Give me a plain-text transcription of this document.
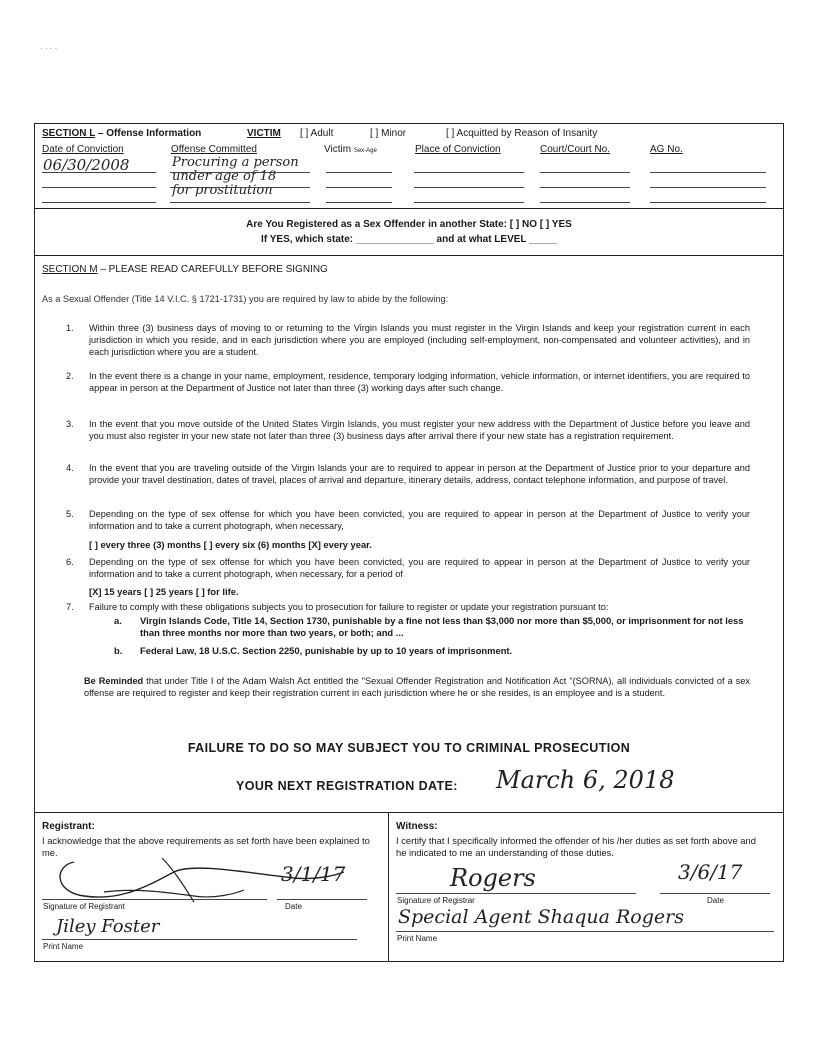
- - - -
SECTION L – Offense Information	VICTIM [ ] Adult	[ ] Minor	[ ] Acquitted by Reason of Insanity
Date of Conviction	Offense Committed	Victim Sex-Age	Place of Conviction	Court/Court No.	AG No.
06/30/2008	Procuring a person
under age of 18
for prostitution
Are You Registered as a Sex Offender in another State: [ ] NO [ ] YES
If YES, which state: ______________ and at what LEVEL _____
SECTION M – PLEASE READ CAREFULLY BEFORE SIGNING
As a Sexual Offender (Title 14 V.I.C. § 1721-1731) you are required by law to abide by the following:
1. Within three (3) business days of moving to or returning to the Virgin Islands you must register in the Virgin Islands and keep your registration current in each jurisdiction in which you reside, and in each jurisdiction where you are employed (including self-employment, non-compensated and volunteer activities), and in each jurisdiction where you are a student.
2. In the event there is a change in your name, employment, residence, temporary lodging information, vehicle information, or internet identifiers, you are required to appear in person at the Department of Justice not later than three (3) working days after such change.
3. In the event that you move outside of the United States Virgin Islands, you must register your new address with the Department of Justice before you leave and you must also register in your new state not later than three (3) business days after arrival there if your new state has a registration requirement.
4. In the event that you are traveling outside of the Virgin Islands your are to required to appear in person at the Department of Justice prior to your departure and provide your travel destination, dates of travel, places of arrival and departure, itinerary details, address, contact telephone information, and purpose of travel.
5. Depending on the type of sex offense for which you have been convicted, you are required to appear in person at the Department of Justice to verify your information and to take a current photograph, when necessary,
[ ] every three (3) months [ ] every six (6) months [X] every year.
6. Depending on the type of sex offense for which you have been convicted, you are required to appear in person at the Department of Justice to verify your information and to take a current photograph, when necessary, for a period of
[X] 15 years [ ] 25 years [ ] for life.
7. Failure to comply with these obligations subjects you to prosecution for failure to register or update your registration pursuant to:
a. Virgin Islands Code, Title 14, Section 1730, punishable by a fine not less than $3,000 nor more than $5,000, or imprisonment for not less than three months nor more than two years, or both; and ...
b. Federal Law, 18 U.S.C. Section 2250, punishable by up to 10 years of imprisonment.
Be Reminded that under Title I of the Adam Walsh Act entitled the "Sexual Offender Registration and Notification Act "(SORNA), all individuals convicted of a sex offense are required to register and keep their registration current in each jurisdiction where he or she resides, is an employee and is a student.
FAILURE TO DO SO MAY SUBJECT YOU TO CRIMINAL PROSECUTION
YOUR NEXT REGISTRATION DATE: March 6, 2018
Registrant:
I acknowledge that the above requirements as set forth have been explained to me.
3/1/17
Signature of Registrant	Date
Jiley Foster
Print Name
Witness:
I certify that I specifically informed the offender of his /her duties as set forth above and he indicated to me an understanding of those duties.
Rogers	3/6/17
Signature of Registrar	Date
Special Agent Shaqua Rogers
Print Name
